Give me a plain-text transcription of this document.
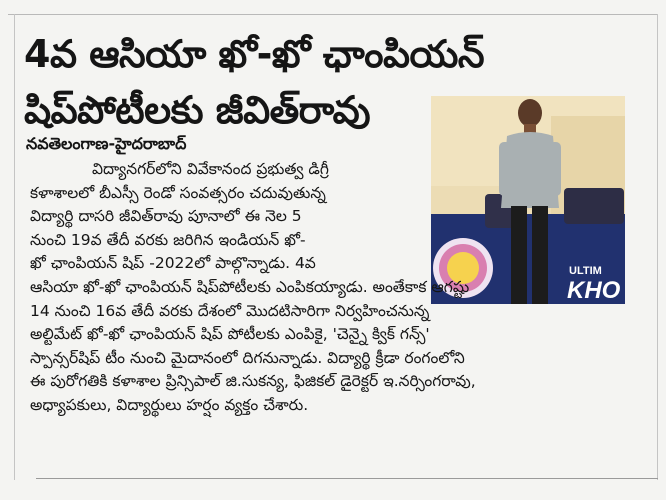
4వ ఆసియా ఖో-ఖో ఛాంపియన్
షిప్‌పోటీలకు జీవిత్‌రావు
ULTIM
KHO
నవతెలంగాణ-హైదరాబాద్
విద్యానగర్‌లోని వివేకానంద ప్రభుత్వ డిగ్రీ
కళాశాలలో బీఎస్సీ రెండో సంవత్సరం చదువుతున్న
విద్యార్థి దాసరి జీవిత్‌రావు పూనాలో ఈ నెల 5
నుంచి 19వ తేదీ వరకు జరిగిన ఇండియన్ ఖో-
ఖో ఛాంపియన్ షిప్ -2022లో పాల్గొన్నాడు. 4వ
ఆసియా ఖో-ఖో ఛాంపియన్ షిప్‌పోటీలకు ఎంపికయ్యాడు. అంతేకాక ఆగష్టు
14 నుంచి 16వ తేదీ వరకు దేశంలో మొదటిసారిగా నిర్వహించనున్న
అల్టిమేట్ ఖో-ఖో ఛాంపియన్ షిప్ పోటీలకు ఎంపికై, 'చెన్నై క్విక్ గన్స్'
స్పాన్సర్‌షిప్ టీం నుంచి మైదానంలో దిగనున్నాడు. విద్యార్థి క్రీడా రంగంలోని
ఈ పురోగతికి కళాశాల ప్రిన్సిపాల్ జి.సుకన్య, ఫిజికల్ డైరెక్టర్ ఇ.నర్సింగరావు,
అధ్యాపకులు, విద్యార్థులు హర్షం వ్యక్తం చేశారు.
